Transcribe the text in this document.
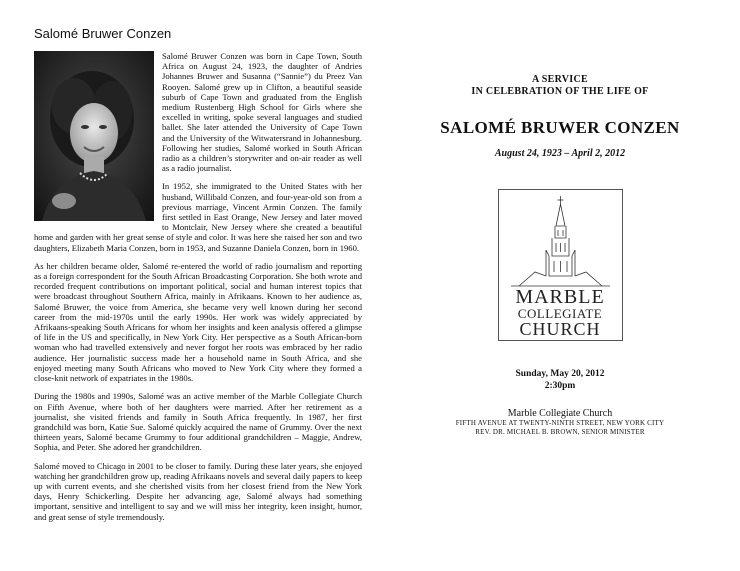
Salomé Bruwer Conzen

Salomé Bruwer Conzen was born in Cape Town, South Africa on August 24, 1923, the daughter of Andries Johannes Bruwer and Susanna (“Sannie”) du Preez Van Rooyen. Salomé grew up in Clifton, a beautiful seaside suburb of Cape Town and graduated from the English medium Rustenberg High School for Girls where she excelled in writing, spoke several languages and studied ballet. She later attended the University of Cape Town and the University of the Witwatersrand in Johannesburg. Following her studies, Salomé worked in South African radio as a children’s storywriter and on-air reader as well as a radio journalist.

In 1952, she immigrated to the United States with her husband, Willibald Conzen, and four-year-old son from a previous marriage, Vincent Armin Conzen. The family first settled in East Orange, New Jersey and later moved to Montclair, New Jersey where she created a beautiful home and garden with her great sense of style and color. It was here she raised her son and two daughters, Elizabeth Maria Conzen, born in 1953, and Suzanne Daniela Conzen, born in 1960.

As her children became older, Salomé re-entered the world of radio journalism and reporting as a foreign correspondent for the South African Broadcasting Corporation. She both wrote and recorded frequent contributions on important political, social and human interest topics that were broadcast throughout Southern Africa, mainly in Afrikaans. Known to her audience as, Salomé Bruwer, the voice from America, she became very well known during her second career from the mid-1970s until the early 1990s. Her work was widely appreciated by Afrikaans-speaking South Africans for whom her insights and keen analysis offered a glimpse of life in the US and specifically, in New York City. Her perspective as a South African-born woman who had travelled extensively and never forgot her roots was embraced by her radio audience. Her journalistic success made her a household name in South Africa, and she enjoyed meeting many South Africans who moved to New York City where they formed a close-knit network of expatriates in the 1980s.

During the 1980s and 1990s, Salomé was an active member of the Marble Collegiate Church on Fifth Avenue, where both of her daughters were married. After her retirement as a journalist, she visited friends and family in South Africa frequently. In 1987, her first grandchild was born, Katie Sue. Salomé quickly acquired the name of Grummy. Over the next thirteen years, Salomé became Grummy to four additional grandchildren – Maggie, Andrew, Sophia, and Peter. She adored her grandchildren.

Salomé moved to Chicago in 2001 to be closer to family. During these later years, she enjoyed watching her grandchildren grow up, reading Afrikaans novels and several daily papers to keep up with current events, and she cherished visits from her closest friend from the New York days, Henry Schickerling. Despite her advancing age, Salomé always had something important, sensitive and intelligent to say and we will miss her integrity, keen insight, humor, and great sense of style tremendously.

A SERVICE
IN CELEBRATION OF THE LIFE OF
SALOMÉ BRUWER CONZEN
August 24, 1923 – April 2, 2012
MARBLE
COLLEGIATE
CHURCH
Sunday, May 20, 2012
2:30pm
Marble Collegiate Church
FIFTH AVENUE AT TWENTY-NINTH STREET, NEW YORK CITY
REV. DR. MICHAEL B. BROWN, SENIOR MINISTER
